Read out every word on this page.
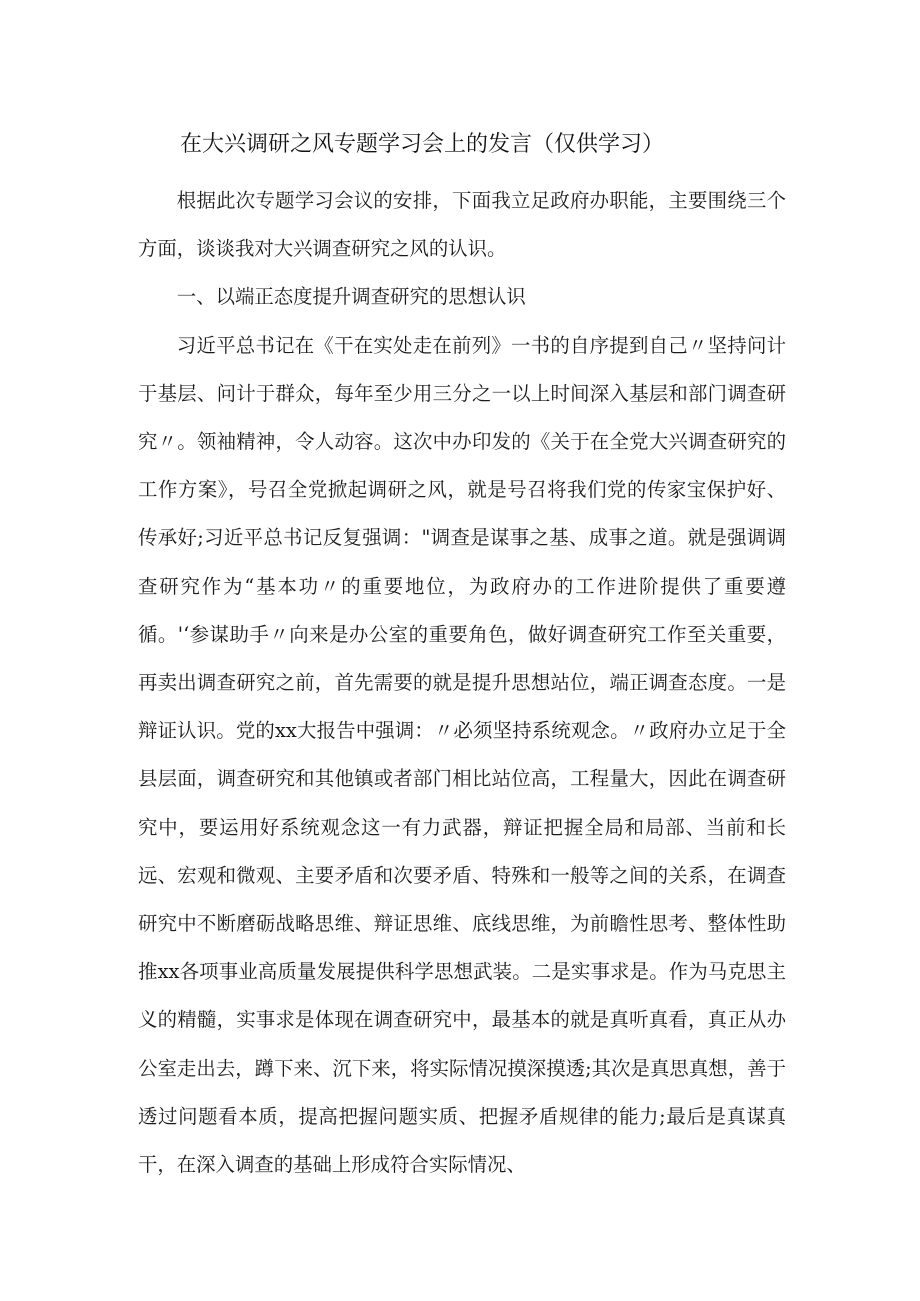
在大兴调研之风专题学习会上的发言（仅供学习）

根据此次专题学习会议的安排，下面我立足政府办职能，主要围绕三个方面，谈谈我对大兴调查研究之风的认识。

一、以端正态度提升调查研究的思想认识

习近平总书记在《干在实处走在前列》一书的自序提到自己〃坚持问计于基层、问计于群众，每年至少用三分之一以上时间深入基层和部门调查研究〃。领袖精神，令人动容。这次中办印发的《关于在全党大兴调查研究的工作方案》，号召全党掀起调研之风，就是号召将我们党的传家宝保护好、传承好;习近平总书记反复强调："调查是谋事之基、成事之道。就是强调调查研究作为“基本功〃的重要地位，为政府办的工作进阶提供了重要遵循。'‘参谋助手〃向来是办公室的重要角色，做好调查研究工作至关重要，再卖出调查研究之前，首先需要的就是提升思想站位，端正调查态度。一是辩证认识。党的xx大报告中强调：〃必须坚持系统观念。〃政府办立足于全县层面，调查研究和其他镇或者部门相比站位高，工程量大，因此在调查研究中，要运用好系统观念这一有力武器，辩证把握全局和局部、当前和长远、宏观和微观、主要矛盾和次要矛盾、特殊和一般等之间的关系，在调查研究中不断磨砺战略思维、辩证思维、底线思维，为前瞻性思考、整体性助推xx各项事业高质量发展提供科学思想武装。二是实事求是。作为马克思主义的精髓，实事求是体现在调查研究中，最基本的就是真听真看，真正从办公室走出去，蹲下来、沉下来，将实际情况摸深摸透;其次是真思真想，善于透过问题看本质，提高把握问题实质、把握矛盾规律的能力;最后是真谋真干，在深入调查的基础上形成符合实际情况、
